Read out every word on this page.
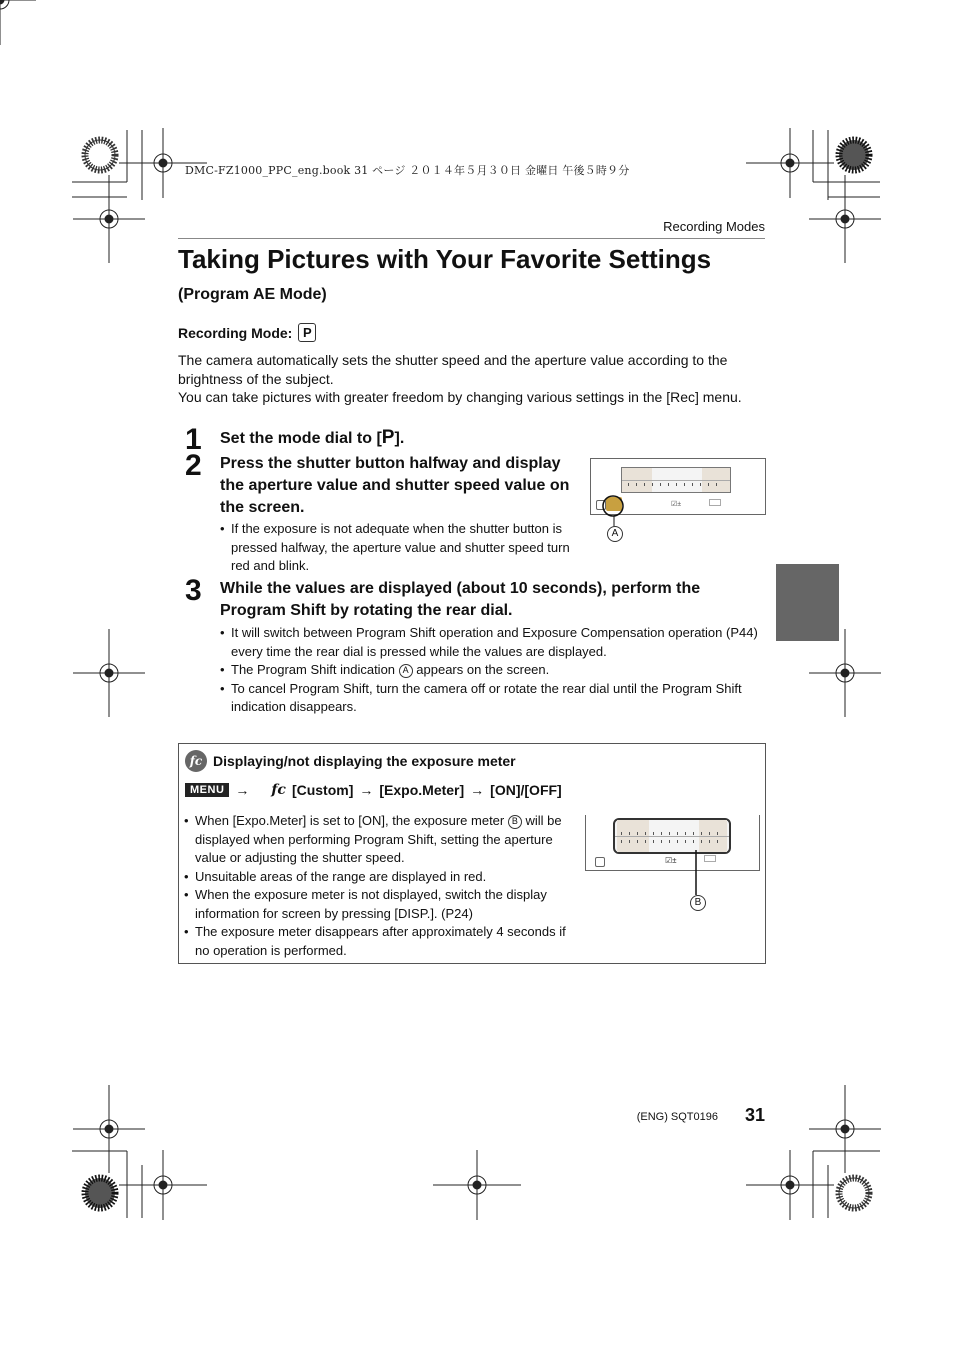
DMC-FZ1000_PPC_eng.book 31 ページ ２０１４年５月３０日 金曜日 午後５時９分
Recording Modes
Taking Pictures with Your Favorite Settings
(Program AE Mode)
Recording Mode: P
The camera automatically sets the shutter speed and the aperture value according to the brightness of the subject.
You can take pictures with greater freedom by changing various settings in the [Rec] menu.
1 Set the mode dial to [P].

2 Press the shutter button halfway and display the aperture value and shutter speed value on the screen.

• If the exposure is not adequate when the shutter button is pressed halfway, the aperture value and shutter speed turn red and blink.
☑±
A
3 While the values are displayed (about 10 seconds), perform the Program Shift by rotating the rear dial.

• It will switch between Program Shift operation and Exposure Compensation operation (P44) every time the rear dial is pressed while the values are displayed.
• The Program Shift indication A appears on the screen.
• To cancel Program Shift, turn the camera off or rotate the rear dial until the Program Shift indication disappears.
fc Displaying/not displaying the exposure meter
MENU → fc [Custom] → [Expo.Meter] → [ON]/[OFF]
• When [Expo.Meter] is set to [ON], the exposure meter B will be displayed when performing Program Shift, setting the aperture value or adjusting the shutter speed.
• Unsuitable areas of the range are displayed in red.
• When the exposure meter is not displayed, switch the display information for screen by pressing [DISP.]. (P24)
• The exposure meter disappears after approximately 4 seconds if no operation is performed.
☑±
B
(ENG) SQT0196	31
